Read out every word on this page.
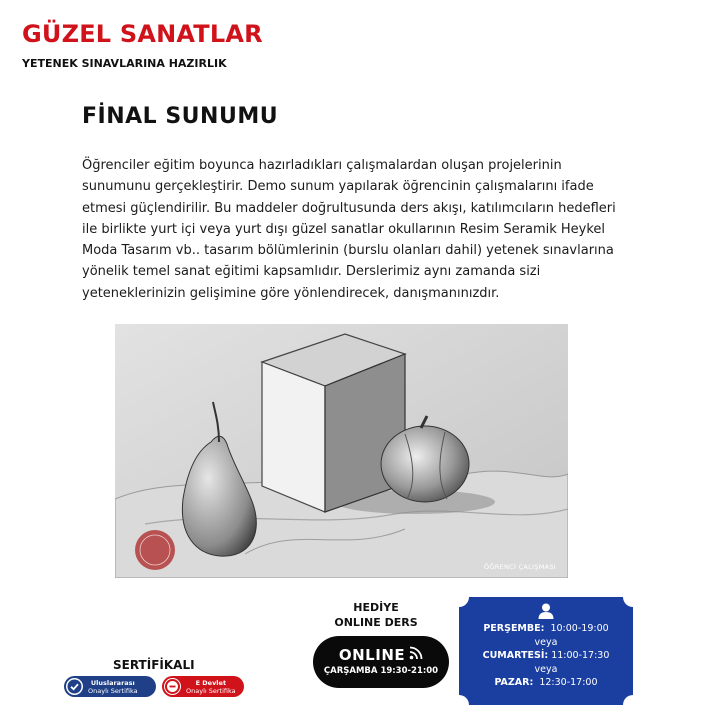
GÜZEL SANATLAR
YETENEK SINAVLARINA HAZIRLIK
FİNAL SUNUMU
Öğrenciler eğitim boyunca hazırladıkları çalışmalardan oluşan projelerinin sunumunu gerçekleştirir. Demo sunum yapılarak öğrencinin çalışmalarını ifade etmesi güçlendirilir. Bu maddeler doğrultusunda ders akışı, katılımcıların hedefleri ile birlikte yurt içi veya yurt dışı güzel sanatlar okullarının Resim Seramik Heykel Moda Tasarım vb.. tasarım bölümlerinin (burslu olanları dahil) yetenek sınavlarına yönelik temel sanat eğitimi kapsamlıdır. Derslerimiz aynı zamanda sizi yeteneklerinizin gelişimine göre yönlendirecek, danışmanınızdır.
ÖĞRENCİ ÇALIŞMASI
HEDİYE
ONLINE DERS
ONLINE
ÇARŞAMBA 19:30-21:00
PERŞEMBE: 10:00-19:00
veya
CUMARTESİ: 11:00-17:30
veya
PAZAR: 12:30-17:00
SERTİFİKALI
Uluslararası
Onaylı Sertifika
E Devlet
Onaylı Sertifika
